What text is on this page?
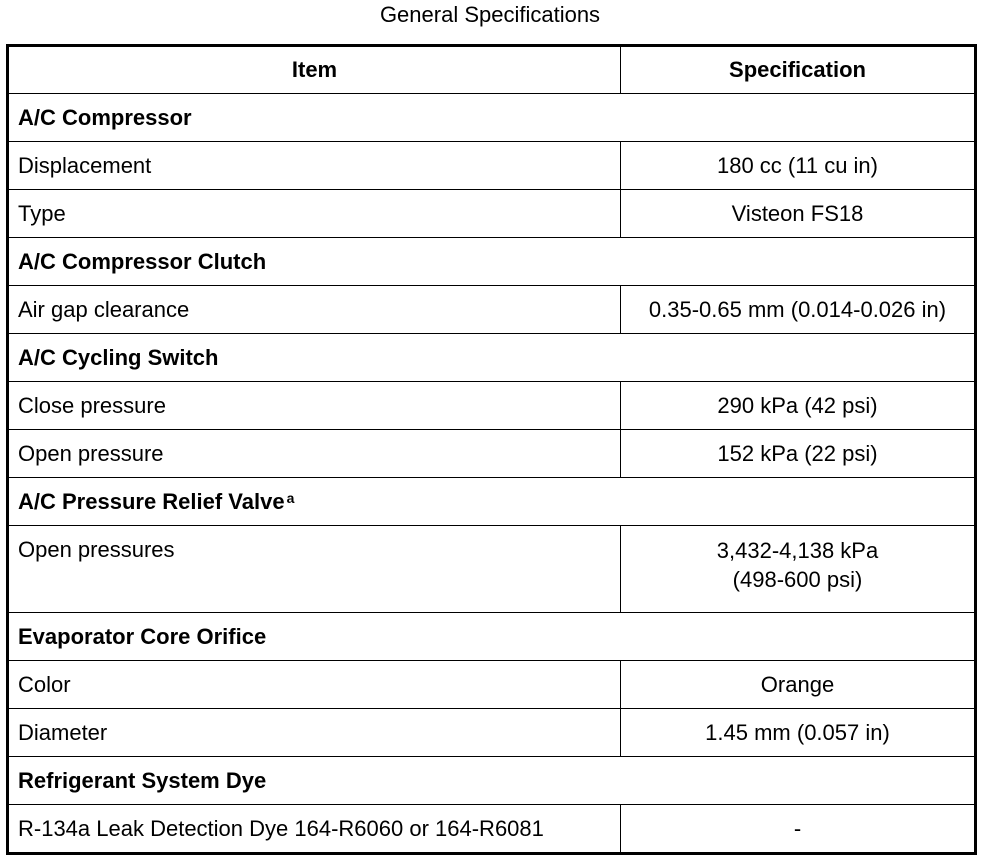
General Specifications
Item	Specification
A/C Compressor	
Displacement	180 cc (11 cu in)
Type	Visteon FS18
A/C Compressor Clutch	
Air gap clearance	0.35-0.65 mm (0.014-0.026 in)
A/C Cycling Switch	
Close pressure	290 kPa (42 psi)
Open pressure	152 kPa (22 psi)
A/C Pressure Relief Valve $^a$
Open pressures	3,432-4,138 kPa
(498-600 psi)

Evaporator Core Orifice	
Color	Orange
Diameter	1.45 mm (0.057 in)
Refrigerant System Dye	
R-134a Leak Detection Dye 164-R6060 or 164-R6081	-
